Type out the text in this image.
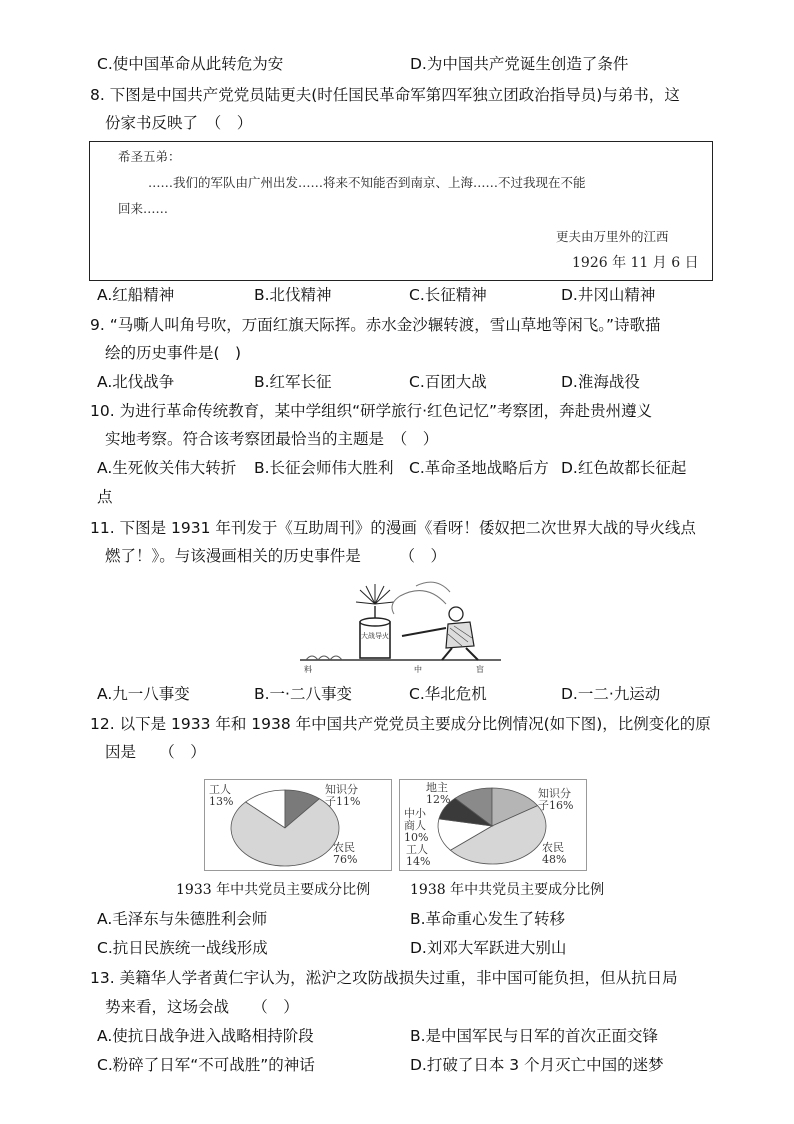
C.使中国革命从此转危为安	D.为中国共产党诞生创造了条件
8. 下图是中国共产党党员陆更夫(时任国民革命军第四军独立团政治指导员)与弟书，这
份家书反映了　（　）
希圣五弟：
……我们的军队由广州出发……将来不知能否到南京、上海……不过我现在不能
回来……
更夫由万里外的江西
1926 年 11 月 6 日
A.红船精神	B.北伐精神	C.长征精神	D.井冈山精神
9. “马嘶人叫角号吹，万面红旗天际挥。赤水金沙辗转渡，雪山草地等闲飞。”诗歌描
绘的历史事件是(　)
A.北伐战争	B.红军长征	C.百团大战	D.淮海战役
10. 为进行革命传统教育，某中学组织“研学旅行·红色记忆”考察团，奔赴贵州遵义
实地考察。符合该考察团最恰当的主题是　（　）
A.生死攸关伟大转折 B.长征会师伟大胜利 C.革命圣地战略后方 D.红色故都长征起
点
11. 下图是 1931 年刊发于《互助周刊》的漫画《看呀！倭奴把二次世界大战的导火线点
燃了！》。与该漫画相关的历史事件是　　　（　）
大战导火
料	中	盲
A.九一八事变	B.一·二八事变	C.华北危机	D.一二·九运动
12. 以下是 1933 年和 1938 年中国共产党党员主要成分比例情况(如下图)，比例变化的原
因是　　（　）
工人
13%
知识分
子11%
农民
76%
地主
12%	知识分
子16%
中小
商人
10%
工人
14%
农民
48%
1933 年中共党员主要成分比例	1938 年中共党员主要成分比例
A.毛泽东与朱德胜利会师	B.革命重心发生了转移
C.抗日民族统一战线形成	D.刘邓大军跃进大别山
13. 美籍华人学者黄仁宇认为，淞沪之攻防战损失过重，非中国可能负担，但从抗日局
势来看，这场会战　　（　）
A.使抗日战争进入战略相持阶段	B.是中国军民与日军的首次正面交锋
C.粉碎了日军“不可战胜”的神话	D.打破了日本 3 个月灭亡中国的迷梦
